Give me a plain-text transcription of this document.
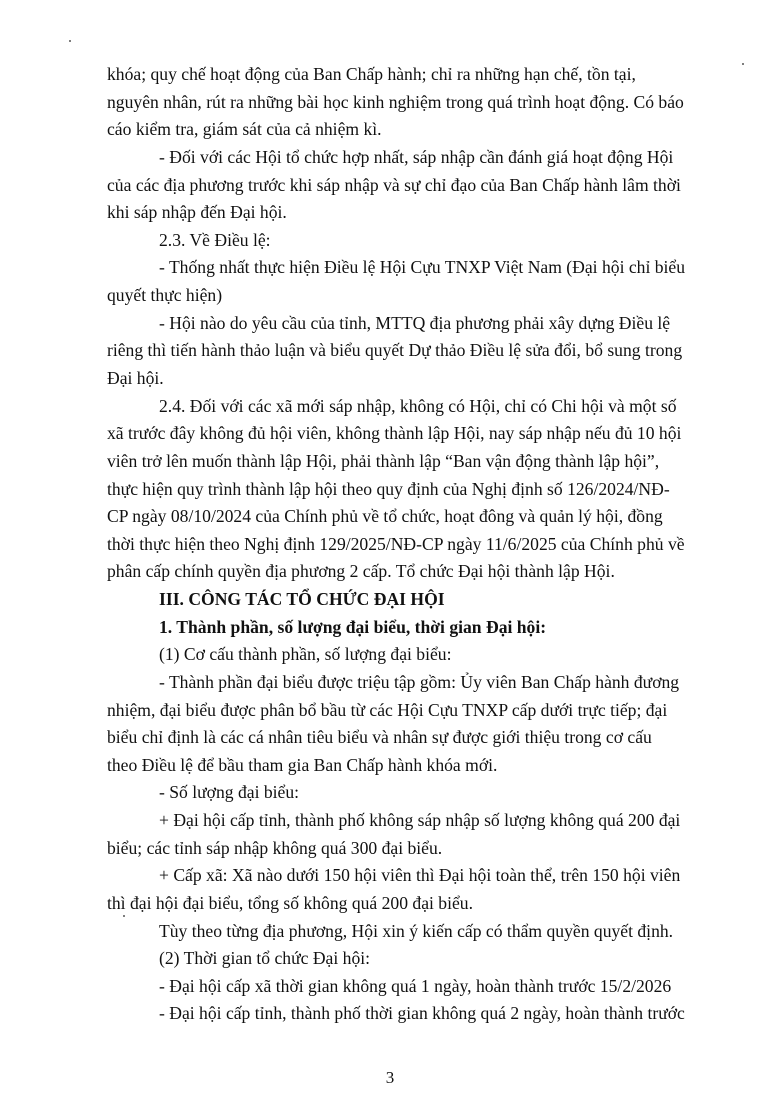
khóa; quy chế hoạt động của Ban Chấp hành; chỉ ra những hạn chế, tồn tại,
nguyên nhân, rút ra những bài học kinh nghiệm trong quá trình hoạt động. Có báo
cáo kiểm tra, giám sát của cả nhiệm kì.
- Đối với các Hội tổ chức hợp nhất, sáp nhập cần đánh giá hoạt động Hội
của các địa phương trước khi sáp nhập và sự chỉ đạo của Ban Chấp hành lâm thời
khi sáp nhập đến Đại hội.
2.3. Về Điều lệ:
- Thống nhất thực hiện Điều lệ Hội Cựu TNXP Việt Nam (Đại hội chỉ biểu
quyết thực hiện)
- Hội nào do yêu cầu của tỉnh, MTTQ địa phương phải xây dựng Điều lệ
riêng thì tiến hành thảo luận và biểu quyết Dự thảo Điều lệ sửa đổi, bổ sung trong
Đại hội.
2.4. Đối với các xã mới sáp nhập, không có Hội, chỉ có Chi hội và một số
xã trước đây không đủ hội viên, không thành lập Hội, nay sáp nhập nếu đủ 10 hội
viên trở lên muốn thành lập Hội, phải thành lập “Ban vận động thành lập hội”,
thực hiện quy trình thành lập hội theo quy định của Nghị định số 126/2024/NĐ-
CP ngày 08/10/2024 của Chính phủ về tổ chức, hoạt đông và quản lý hội, đồng
thời thực hiện theo Nghị định 129/2025/NĐ-CP ngày 11/6/2025 của Chính phủ về
phân cấp chính quyền địa phương 2 cấp. Tổ chức Đại hội thành lập Hội.
III. CÔNG TÁC TỔ CHỨC ĐẠI HỘI
1. Thành phần, số lượng đại biểu, thời gian Đại hội:
(1) Cơ cấu thành phần, số lượng đại biểu:
- Thành phần đại biểu được triệu tập gồm: Ủy viên Ban Chấp hành đương
nhiệm, đại biểu được phân bổ bầu từ các Hội Cựu TNXP cấp dưới trực tiếp; đại
biểu chỉ định là các cá nhân tiêu biểu và nhân sự được giới thiệu trong cơ cấu
theo Điều lệ để bầu tham gia Ban Chấp hành khóa mới.
- Số lượng đại biểu:
+ Đại hội cấp tỉnh, thành phố không sáp nhập số lượng không quá 200 đại
biểu; các tỉnh sáp nhập không quá 300 đại biểu.
+ Cấp xã: Xã nào dưới 150 hội viên thì Đại hội toàn thể, trên 150 hội viên
thì đại hội đại biểu, tổng số không quá 200 đại biểu.
Tùy theo từng địa phương, Hội xin ý kiến cấp có thẩm quyền quyết định.
(2) Thời gian tổ chức Đại hội:
- Đại hội cấp xã thời gian không quá 1 ngày, hoàn thành trước 15/2/2026
- Đại hội cấp tỉnh, thành phố thời gian không quá 2 ngày, hoàn thành trước
3
